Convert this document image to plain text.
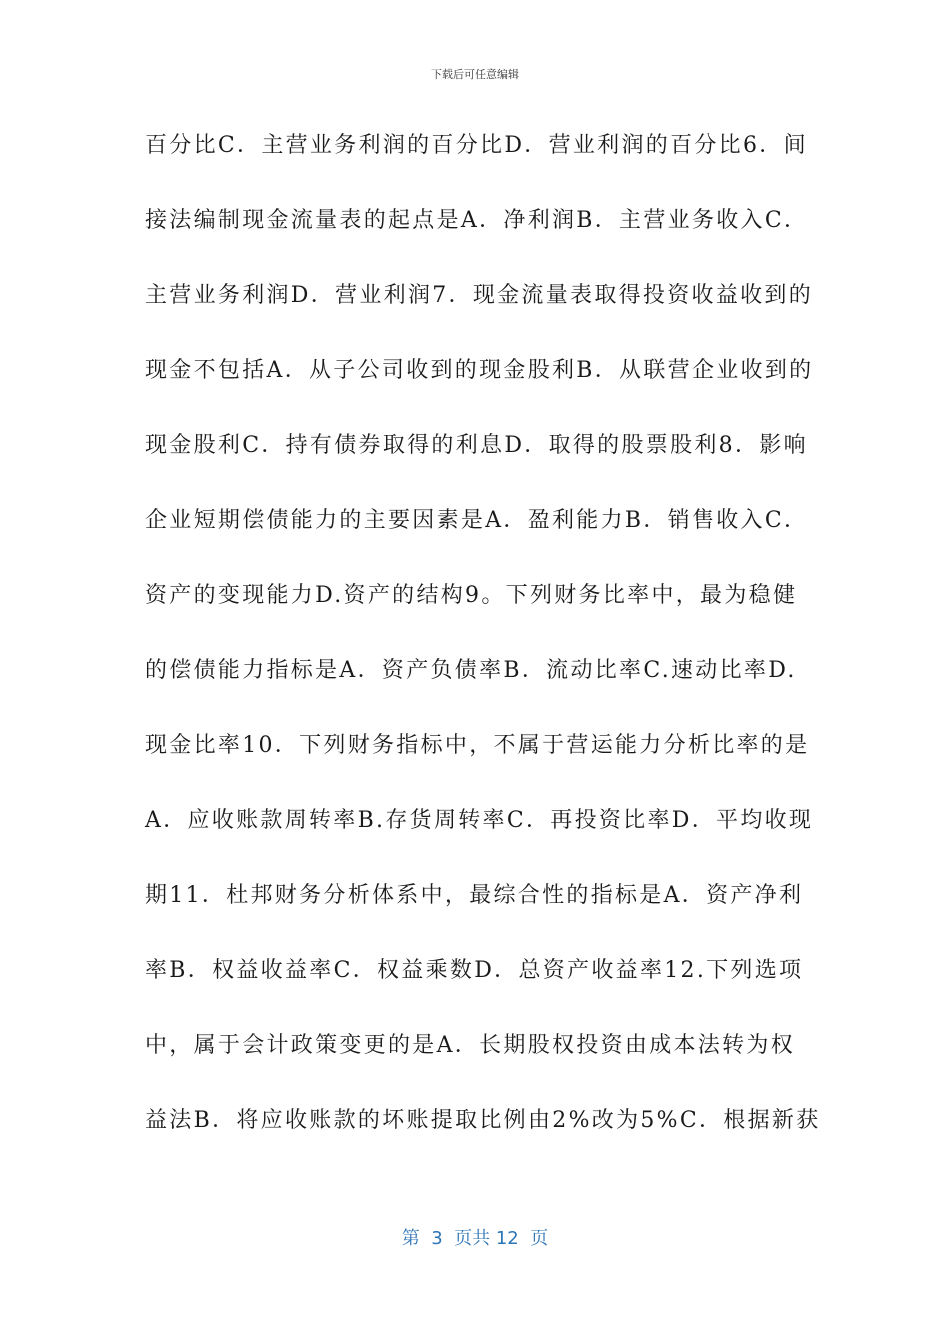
下载后可任意编辑
百分比C．主营业务利润的百分比D．营业利润的百分比6．间
接法编制现金流量表的起点是A．净利润B．主营业务收入C．
主营业务利润D．营业利润7．现金流量表取得投资收益收到的
现金不包括A．从子公司收到的现金股利B．从联营企业收到的
现金股利C．持有债券取得的利息D．取得的股票股利8．影响
企业短期偿债能力的主要因素是A．盈利能力B．销售收入C．
资产的变现能力D.资产的结构9。下列财务比率中，最为稳健
的偿债能力指标是A．资产负债率B．流动比率C.速动比率D.
现金比率10．下列财务指标中，不属于营运能力分析比率的是
A．应收账款周转率B.存货周转率C．再投资比率D．平均收现
期11．杜邦财务分析体系中，最综合性的指标是A．资产净利
率B．权益收益率C．权益乘数D．总资产收益率12.下列选项
中，属于会计政策变更的是A．长期股权投资由成本法转为权
益法B．将应收账款的坏账提取比例由2%改为5%C．根据新获
第  3  页共 12  页
